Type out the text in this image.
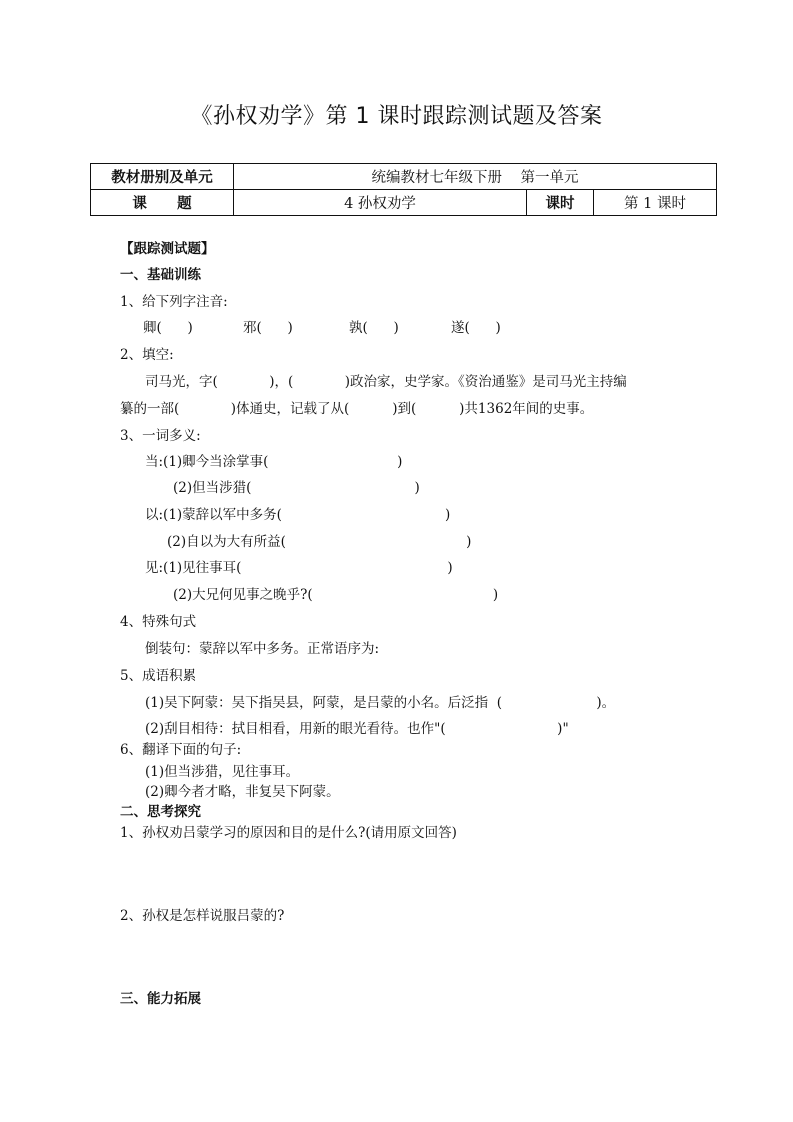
《孙权劝学》第 1 课时跟踪测试题及答案
教材册别及单元	统编教材七年级下册    第一单元		
课      题	4 孙权劝学	课时	第 1 课时
【跟踪测试题】
一、基础训练
1、给下列字注音:
卿(      )	邪(      )	孰(      )	遂(      )
2、填空:
司马光，字(            )，(            )政治家，史学家。《资治通鉴》是司马光主持编
纂的一部(            )体通史，记载了从(          )到(          )共1362年间的史事。
3、一词多义:
当:(1)卿今当涂掌事(                              )
(2)但当涉猎(                                      )
以:(1)蒙辞以军中多务(                                      )
(2)自以为大有所益(                                          )
见:(1)见往事耳(                                                )
(2)大兄何见事之晚乎?(                                          )
4、特殊句式
倒装句：蒙辞以军中多务。正常语序为:
5、成语积累
(1)吴下阿蒙：吴下指吴县，阿蒙，是吕蒙的小名。后泛指  (                      )。
(2)刮目相待：拭目相看，用新的眼光看待。也作"(                          )"
6、翻译下面的句子:
(1)但当涉猎，见往事耳。
(2)卿今者才略，非复吴下阿蒙。
二、思考探究
1、孙权劝吕蒙学习的原因和目的是什么?(请用原文回答)
2、孙权是怎样说服吕蒙的?
三、能力拓展
